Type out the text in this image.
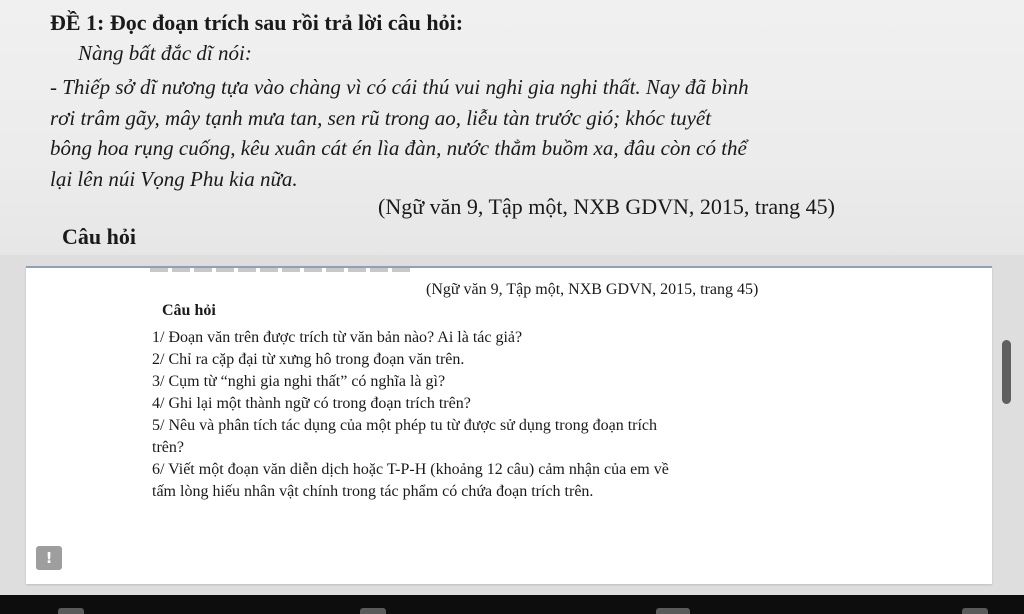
ĐỀ 1: Đọc đoạn trích sau rồi trả lời câu hỏi:
Nàng bất đắc dĩ nói:
- Thiếp sở dĩ nương tựa vào chàng vì có cái thú vui nghi gia nghi thất. Nay đã bình
rơi trâm gãy, mây tạnh mưa tan, sen rũ trong ao, liễu tàn trước gió; khóc tuyết
bông hoa rụng cuống, kêu xuân cát én lìa đàn, nước thẳm buồm xa, đâu còn có thể
lại lên núi Vọng Phu kia nữa.
(Ngữ văn 9, Tập một, NXB GDVN, 2015, trang 45)
Câu hỏi
(Ngữ văn 9, Tập một, NXB GDVN, 2015, trang 45)
Câu hỏi
1/ Đoạn văn trên được trích từ văn bản nào? Ai là tác giả?
2/ Chỉ ra cặp đại từ xưng hô trong đoạn văn trên.
3/ Cụm từ “nghi gia nghi thất” có nghĩa là gì?
4/ Ghi lại một thành ngữ có trong đoạn trích trên?
5/ Nêu và phân tích tác dụng của một phép tu từ được sử dụng trong đoạn trích
trên?
6/ Viết một đoạn văn diễn dịch hoặc T-P-H (khoảng 12 câu) cảm nhận của em về
tấm lòng hiếu nhân vật chính trong tác phẩm có chứa đoạn trích trên.
!
